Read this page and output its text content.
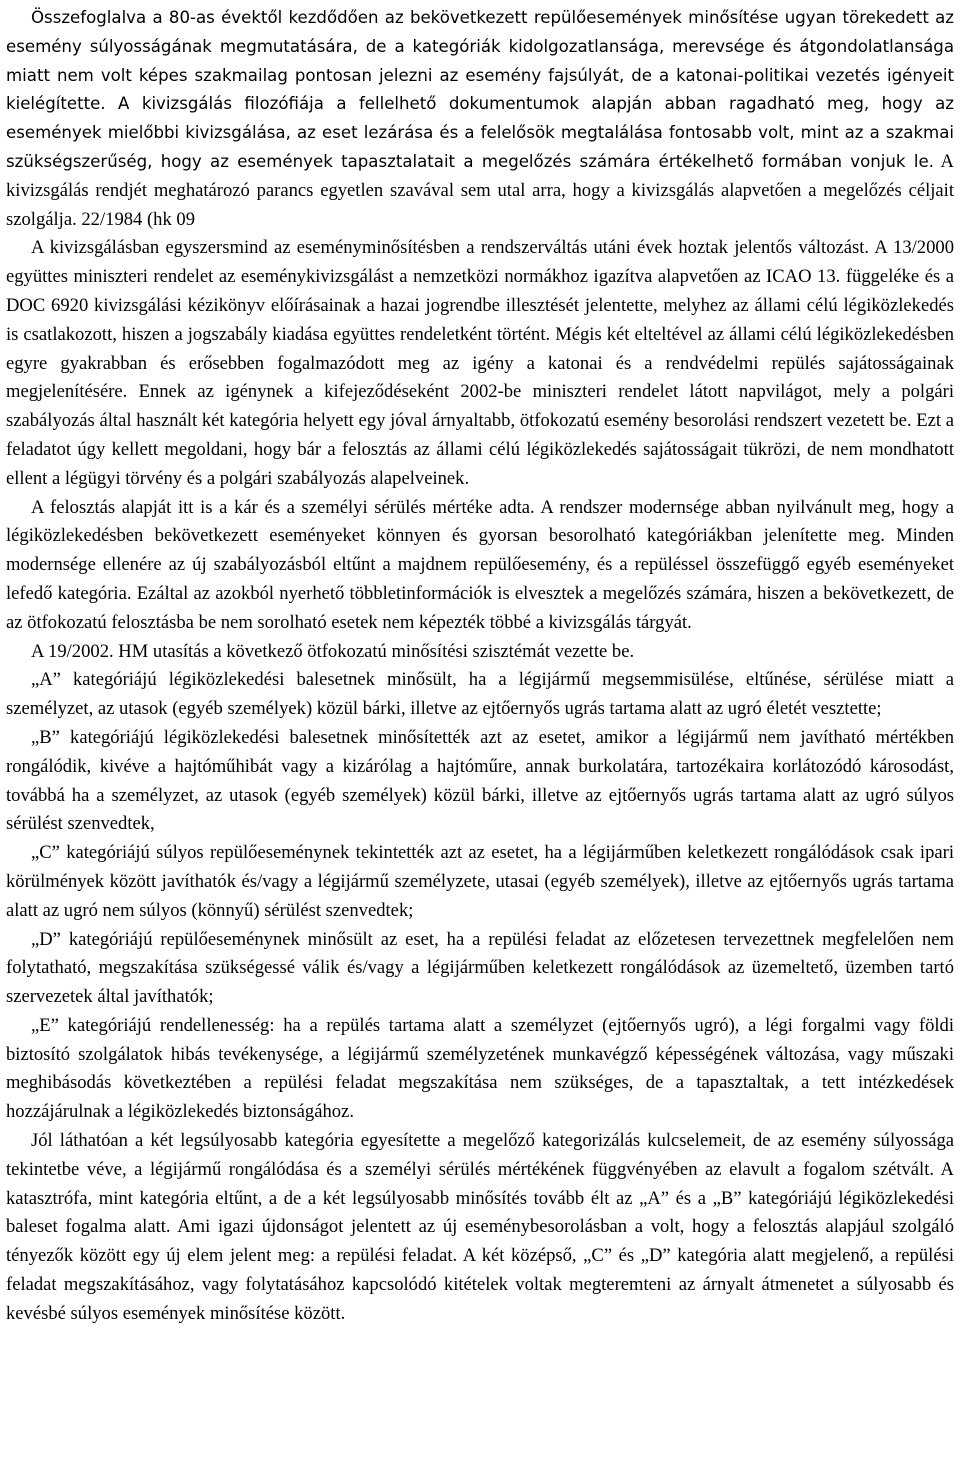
Összefoglalva a 80-as évektől kezdődően az bekövetkezett repülőesemények minősítése ugyan törekedett az esemény súlyosságának megmutatására, de a kategóriák kidolgozatlansága, merevsége és átgondolatlansága miatt nem volt képes szakmailag pontosan jelezni az esemény fajsúlyát, de a katonai-politikai vezetés igényeit kielégítette. A kivizsgálás filozófiája a fellelhető dokumentumok alapján abban ragadható meg, hogy az események mielőbbi kivizsgálása, az eset lezárása és a felelősök megtalálása fontosabb volt, mint az a szakmai szükségszerűség, hogy az események tapasztalatait a megelőzés számára értékelhető formában vonjuk le. A kivizsgálás rendjét meghatározó parancs egyetlen szavával sem utal arra, hogy a kivizsgálás alapvetően a megelőzés céljait szolgálja. 22/1984 (hk 09

A kivizsgálásban egyszersmind az eseményminősítésben a rendszerváltás utáni évek hoztak jelentős változást. A 13/2000 együttes miniszteri rendelet az eseménykivizsgálást a nemzetközi normákhoz igazítva alapvetően az ICAO 13. függeléke és a DOC 6920 kivizsgálási kézikönyv előírásainak a hazai jogrendbe illesztését jelentette, melyhez az állami célú légiközlekedés is csatlakozott, hiszen a jogszabály kiadása együttes rendeletként történt. Mégis két elteltével az állami célú légiközlekedésben egyre gyakrabban és erősebben fogalmazódott meg az igény a katonai és a rendvédelmi repülés sajátosságainak megjelenítésére. Ennek az igénynek a kifejeződéseként 2002-be miniszteri rendelet látott napvilágot, mely a polgári szabályozás által használt két kategória helyett egy jóval árnyaltabb, ötfokozatú esemény besorolási rendszert vezetett be. Ezt a feladatot úgy kellett megoldani, hogy bár a felosztás az állami célú légiközlekedés sajátosságait tükrözi, de nem mondhatott ellent a légügyi törvény és a polgári szabályozás alapelveinek.

A felosztás alapját itt is a kár és a személyi sérülés mértéke adta. A rendszer modernsége abban nyilvánult meg, hogy a légiközlekedésben bekövetkezett eseményeket könnyen és gyorsan besorolható kategóriákban jelenítette meg. Minden modernsége ellenére az új szabályozásból eltűnt a majdnem repülőesemény, és a repüléssel összefüggő egyéb eseményeket lefedő kategória. Ezáltal az azokból nyerhető többletinformációk is elvesztek a megelőzés számára, hiszen a bekövetkezett, de az ötfokozatú felosztásba be nem sorolható esetek nem képezték többé a kivizsgálás tárgyát.

A 19/2002. HM utasítás a következő ötfokozatú minősítési szisztémát vezette be.

„A” kategóriájú légiközlekedési balesetnek minősült, ha a légijármű megsemmisülése, eltűnése, sérülése miatt a személyzet, az utasok (egyéb személyek) közül bárki, illetve az ejtőernyős ugrás tartama alatt az ugró életét vesztette;

„B” kategóriájú légiközlekedési balesetnek minősítették azt az esetet, amikor a légijármű nem javítható mértékben rongálódik, kivéve a hajtóműhibát vagy a kizárólag a hajtóműre, annak burkolatára, tartozékaira korlátozódó károsodást, továbbá ha a személyzet, az utasok (egyéb személyek) közül bárki, illetve az ejtőernyős ugrás tartama alatt az ugró súlyos sérülést szenvedtek,

„C” kategóriájú súlyos repülőeseménynek tekintették azt az esetet, ha a légijárműben keletkezett rongálódások csak ipari körülmények között javíthatók és/vagy a légijármű személyzete, utasai (egyéb személyek), illetve az ejtőernyős ugrás tartama alatt az ugró nem súlyos (könnyű) sérülést szenvedtek;

„D” kategóriájú repülőeseménynek minősült az eset, ha a repülési feladat az előzetesen tervezettnek megfelelően nem folytatható, megszakítása szükségessé válik és/vagy a légijárműben keletkezett rongálódások az üzemeltető, üzemben tartó szervezetek által javíthatók;

„E” kategóriájú rendellenesség: ha a repülés tartama alatt a személyzet (ejtőernyős ugró), a légi forgalmi vagy földi biztosító szolgálatok hibás tevékenysége, a légijármű személyzetének munkavégző képességének változása, vagy műszaki meghibásodás következtében a repülési feladat megszakítása nem szükséges, de a tapasztaltak, a tett intézkedések hozzájárulnak a légiközlekedés biztonságához.

Jól láthatóan a két legsúlyosabb kategória egyesítette a megelőző kategorizálás kulcselemeit, de az esemény súlyossága tekintetbe véve, a légijármű rongálódása és a személyi sérülés mértékének függvényében az elavult a fogalom szétvált. A katasztrófa, mint kategória eltűnt, a de a két legsúlyosabb minősítés tovább élt az „A” és a „B” kategóriájú légiközlekedési baleset fogalma alatt. Ami igazi újdonságot jelentett az új eseménybesorolásban a volt, hogy a felosztás alapjául szolgáló tényezők között egy új elem jelent meg: a repülési feladat. A két középső, „C” és „D” kategória alatt megjelenő, a repülési feladat megszakításához, vagy folytatásához kapcsolódó kitételek voltak megteremteni az árnyalt átmenetet a súlyosabb és kevésbé súlyos események minősítése között.
